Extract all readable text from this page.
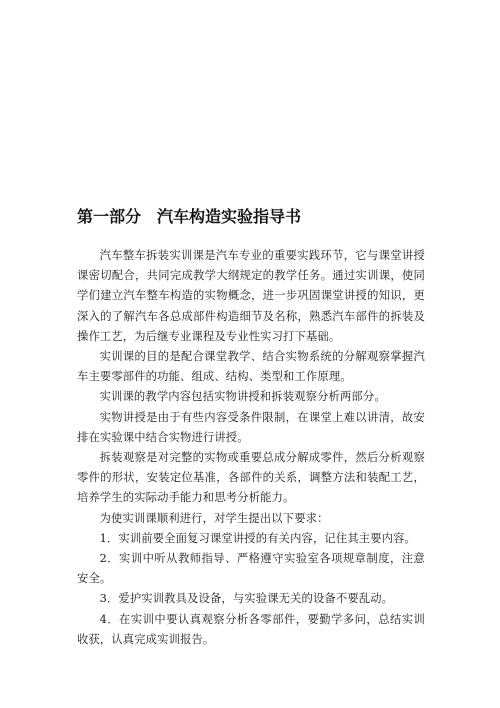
第一部分　汽车构造实验指导书

汽车整车拆装实训课是汽车专业的重要实践环节，它与课堂讲授课密切配合，共同完成教学大纲规定的教学任务。通过实训课，使同学们建立汽车整车构造的实物概念，进一步巩固课堂讲授的知识，更深入的了解汽车各总成部件构造细节及名称，熟悉汽车部件的拆装及操作工艺，为后继专业课程及专业性实习打下基础。

实训课的目的是配合课堂教学、结合实物系统的分解观察掌握汽车主要零部件的功能、组成、结构、类型和工作原理。

实训课的教学内容包括实物讲授和拆装观察分析两部分。

实物讲授是由于有些内容受条件限制，在课堂上难以讲清，故安排在实验课中结合实物进行讲授。

拆装观察是对完整的实物或重要总成分解成零件，然后分析观察零件的形状，安装定位基准，各部件的关系，调整方法和装配工艺，培养学生的实际动手能力和思考分析能力。

为使实训课顺利进行，对学生提出以下要求：

1．实训前要全面复习课堂讲授的有关内容，记住其主要内容。

2．实训中听从教师指导、严格遵守实验室各项规章制度，注意安全。

3．爱护实训教具及设备，与实验课无关的设备不要乱动。

4．在实训中要认真观察分析各零部件，要勤学多问，总结实训收获，认真完成实训报告。
